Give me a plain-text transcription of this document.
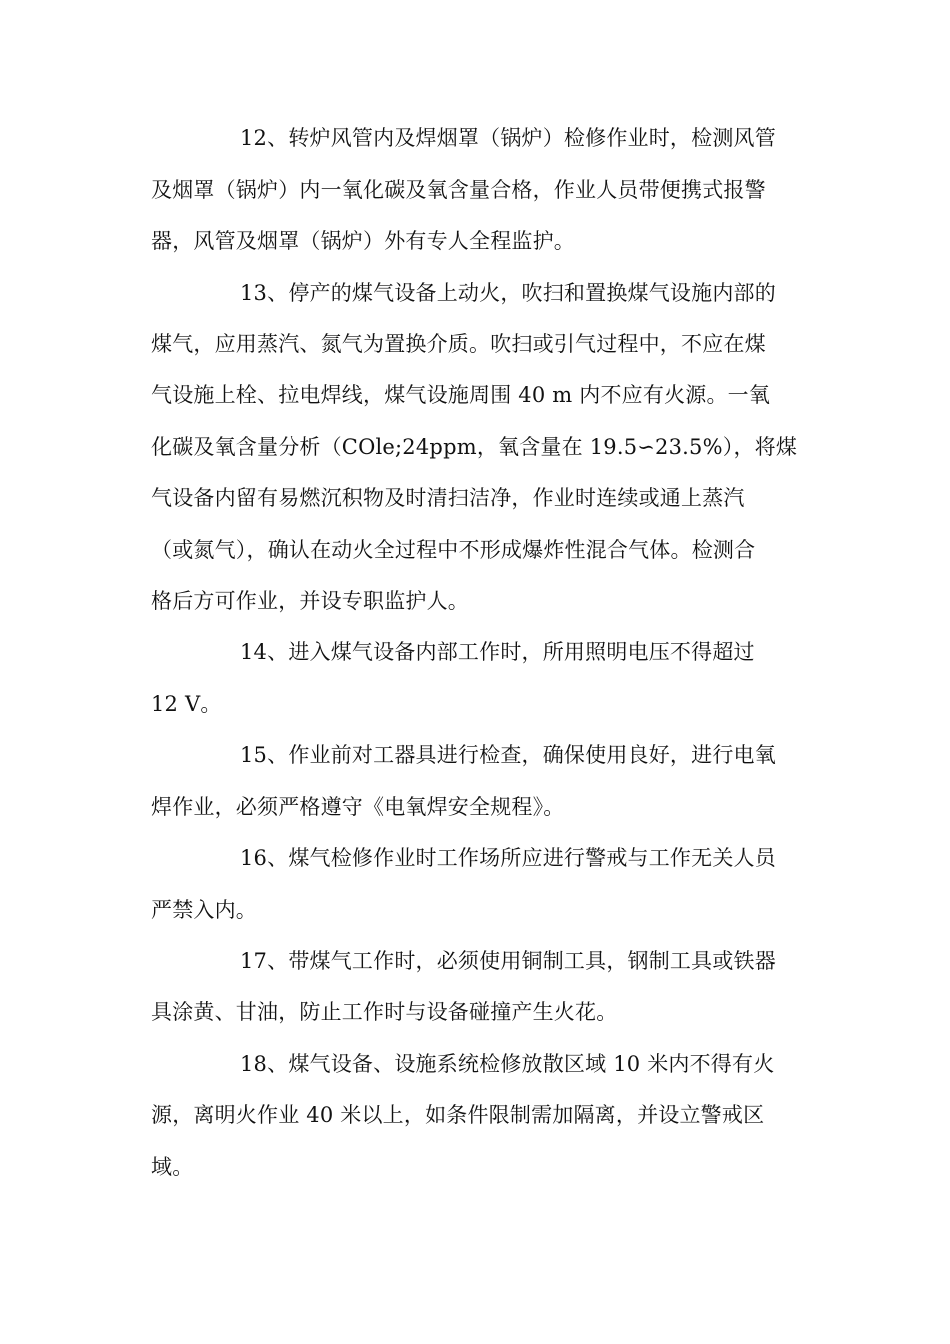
12、转炉风管内及焊烟罩（锅炉）检修作业时，检测风管
及烟罩（锅炉）内一氧化碳及氧含量合格，作业人员带便携式报警
器，风管及烟罩（锅炉）外有专人全程监护。
13、停产的煤气设备上动火，吹扫和置换煤气设施内部的
煤气，应用蒸汽、氮气为置换介质。吹扫或引气过程中，不应在煤
气设施上栓、拉电焊线，煤气设施周围 40 m 内不应有火源。一氧
化碳及氧含量分析（COle;24ppm，氧含量在 19.5∽23.5%），将煤
气设备内留有易燃沉积物及时清扫洁净，作业时连续或通上蒸汽
（或氮气），确认在动火全过程中不形成爆炸性混合气体。检测合
格后方可作业，并设专职监护人。
14、进入煤气设备内部工作时，所用照明电压不得超过
12 V。
15、作业前对工器具进行检查，确保使用良好，进行电氧
焊作业，必须严格遵守《电氧焊安全规程》。
16、煤气检修作业时工作场所应进行警戒与工作无关人员
严禁入内。
17、带煤气工作时，必须使用铜制工具，钢制工具或铁器
具涂黄、甘油，防止工作时与设备碰撞产生火花。
18、煤气设备、设施系统检修放散区域 10 米内不得有火
源，离明火作业 40 米以上，如条件限制需加隔离，并设立警戒区
域。
